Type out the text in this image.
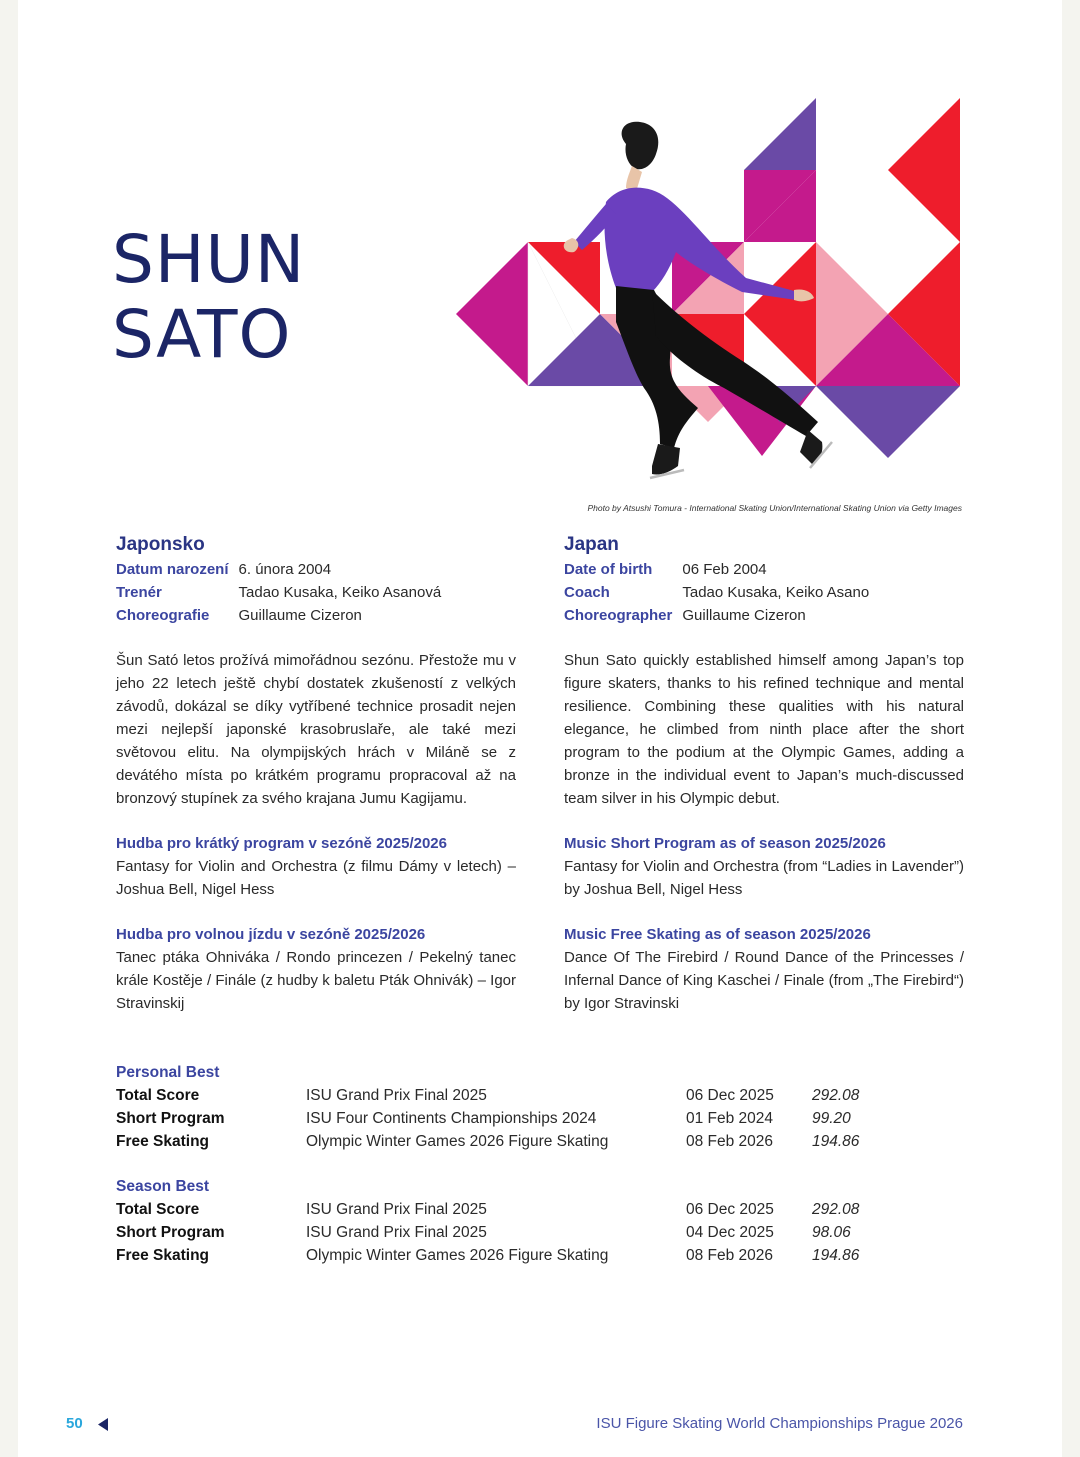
SHUN
SATO
Photo by Atsushi Tomura - International Skating Union/International Skating Union via Getty Images
Japonsko
Datum narození 6. února 2004
Trenér	Tadao Kusaka, Keiko Asanová
Choreografie	Guillaume Cizeron
Šun Sató letos prožívá mimořádnou sezónu. Přestože mu v jeho 22 letech ještě chybí dostatek zkušeností z velkých závodů, dokázal se díky vytříbené technice prosadit nejen mezi nejlepší japonské krasobruslaře, ale také mezi světovou elitu. Na olympijských hrách v Miláně se z devátého místa po krátkém programu propracoval až na bronzový stupínek za svého krajana Jumu Kagijamu.
Hudba pro krátký program v sezóně 2025/2026
Fantasy for Violin and Orchestra (z filmu Dámy v letech) – Joshua Bell, Nigel Hess
Hudba pro volnou jízdu v sezóně 2025/2026
Tanec ptáka Ohniváka / Rondo princezen / Pekelný tanec krále Kostěje / Finále (z hudby k baletu Pták Ohnivák) – Igor Stravinskij
Japan
Date of birth	06 Feb 2004
Coach	Tadao Kusaka, Keiko Asano
Choreographer Guillaume Cizeron
Shun Sato quickly established himself among Japan’s top figure skaters, thanks to his refined technique and mental resilience. Combining these qualities with his natural elegance, he climbed from ninth place after the short program to the podium at the Olympic Games, adding a bronze in the individual event to Japan’s much-discussed team silver in his Olympic debut.
Music Short Program as of season 2025/2026
Fantasy for Violin and Orchestra (from “Ladies in Lavender”) by Joshua Bell, Nigel Hess
Music Free Skating as of season 2025/2026
Dance Of The Firebird / Round Dance of the Princesses / Infernal Dance of King Kaschei / Finale (from „The Firebird“) by Igor Stravinski
Personal Best
Total Score	ISU Grand Prix Final 2025	06 Dec 2025	292.08
Short Program	ISU Four Continents Championships 2024	01 Feb 2024	99.20
Free Skating	Olympic Winter Games 2026 Figure Skating	08 Feb 2026	194.86
Season Best
Total Score	ISU Grand Prix Final 2025	06 Dec 2025	292.08
Short Program	ISU Grand Prix Final 2025	04 Dec 2025	98.06
Free Skating	Olympic Winter Games 2026 Figure Skating	08 Feb 2026	194.86
50	ISU Figure Skating World Championships Prague 2026
